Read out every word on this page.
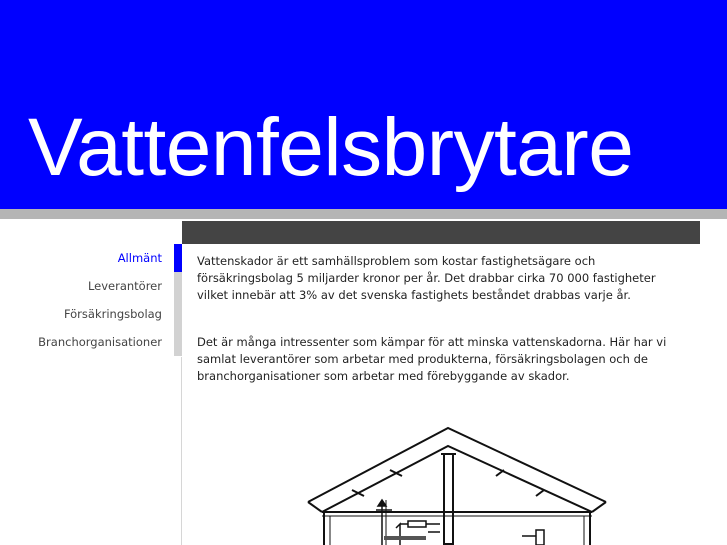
Vattenfelsbrytare
Allmänt
Leverantörer
Försäkringsbolag
Branchorganisationer

Vattenskador är ett samhällsproblem som kostar fastighetsägare och försäkringsbolag 5 miljarder kronor per år. Det drabbar cirka 70 000 fastigheter vilket innebär att 3% av det svenska fastighets beståndet drabbas varje år.

Det är många intressenter som kämpar för att minska vattenskadorna. Här har vi samlat leverantörer som arbetar med produkterna, försäkringsbolagen och de branchorganisationer som arbetar med förebyggande av skador.
